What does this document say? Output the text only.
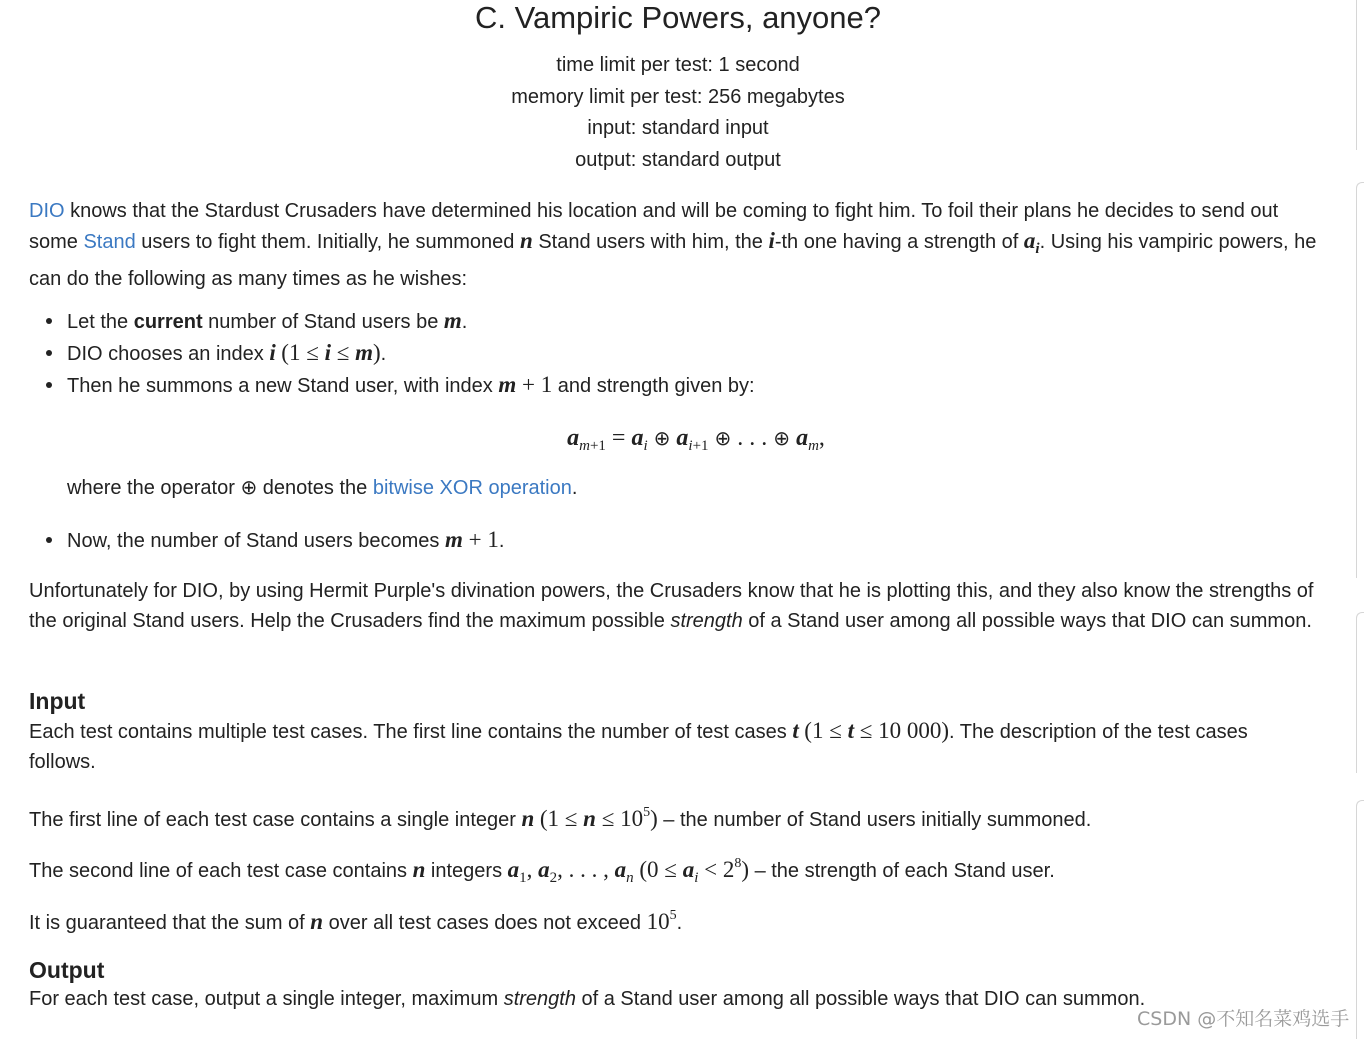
C. Vampiric Powers, anyone?
time limit per test: 1 second
memory limit per test: 256 megabytes
input: standard input
output: standard output

DIO knows that the Stardust Crusaders have determined his location and will be coming to fight him. To foil their plans he decides to send out some Stand users to fight them. Initially, he summoned n Stand users with him, the i-th one having a strength of $a_i$. Using his vampiric powers, he can do the following as many times as he wishes:

Let the current number of Stand users be m.
DIO chooses an index i (1 ≤ i ≤ m).
Then he summons a new Stand user, with index m + 1 and strength given by:
$a_{m+1} = a_i$ ⊕ $a_{i+1}$ ⊕ . . . ⊕ $a_m$,

where the operator ⊕ denotes the bitwise XOR operation.

Now, the number of Stand users becomes m + 1.

Unfortunately for DIO, by using Hermit Purple's divination powers, the Crusaders know that he is plotting this, and they also know the strengths of the original Stand users. Help the Crusaders find the maximum possible strength of a Stand user among all possible ways that DIO can summon.

Input

Each test contains multiple test cases. The first line contains the number of test cases t (1 ≤ t ≤ 10 000). The description of the test cases follows.

The first line of each test case contains a single integer n $(1 \le n \le 10^5)$ – the number of Stand users initially summoned.

The second line of each test case contains n integers $a_1$, $a_2$, . . . , $a_n$ $(0 \le a_i < 2^8)$ – the strength of each Stand user.

It is guaranteed that the sum of n over all test cases does not exceed $10^5$.

Output

For each test case, output a single integer, maximum strength of a Stand user among all possible ways that DIO can summon.

CSDN @不知名菜鸡选手
